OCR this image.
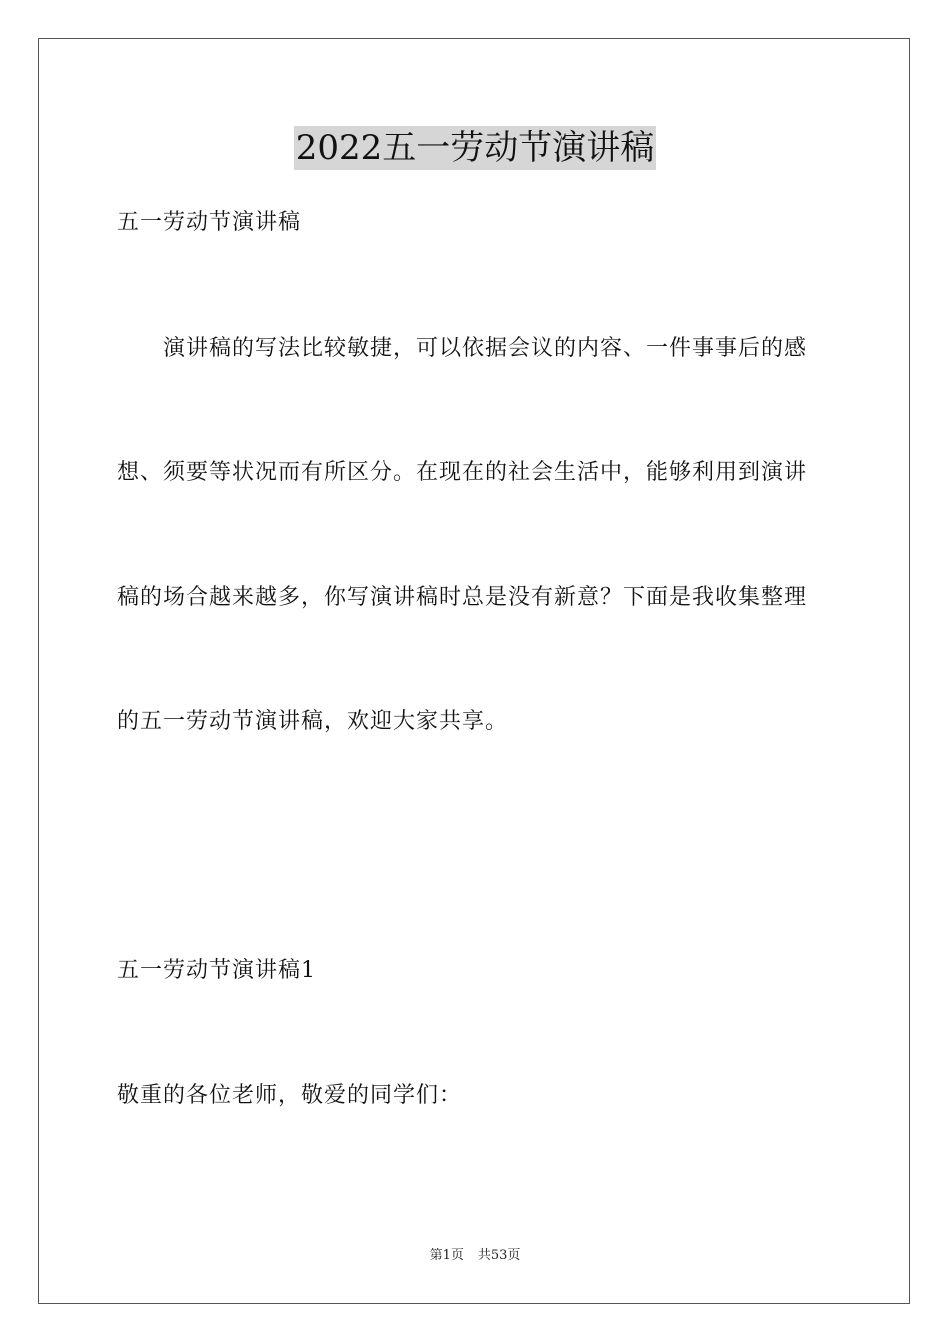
2022五一劳动节演讲稿
五一劳动节演讲稿
演讲稿的写法比较敏捷，可以依据会议的内容、一件事事后的感
想、须要等状况而有所区分。在现在的社会生活中，能够利用到演讲
稿的场合越来越多，你写演讲稿时总是没有新意？下面是我收集整理
的五一劳动节演讲稿，欢迎大家共享。
五一劳动节演讲稿1
敬重的各位老师，敬爱的同学们：
第1页 共53页
